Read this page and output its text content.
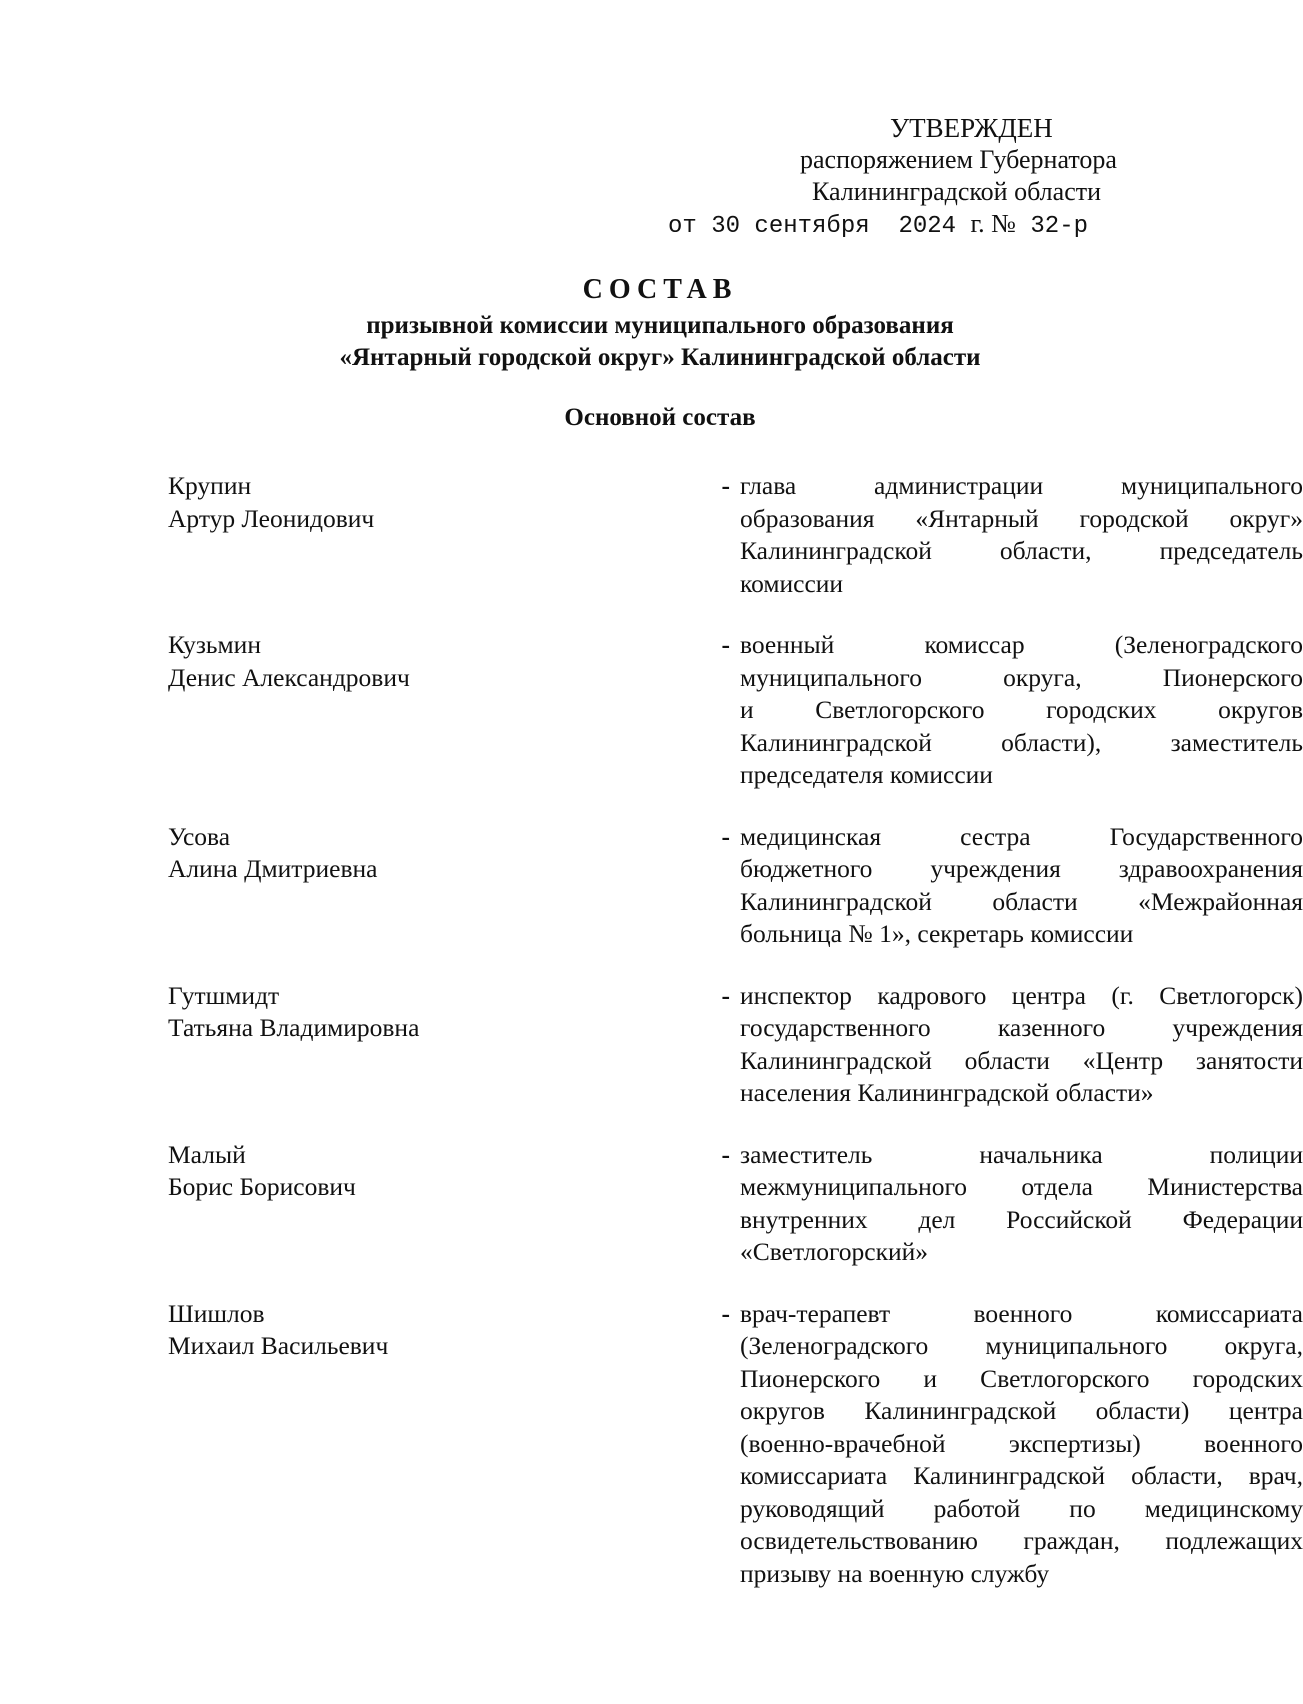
УТВЕРЖДЕН
распоряжением Губернатора
Калининградской области
от 30 сентября  2024 г. № 32-р
СОСТАВ
призывной комиссии муниципального образования
«Янтарный городской округ» Калининградской области
Основной состав
Крупин
Артур Леонидович
- глава администрации муниципального
образования «Янтарный городской округ»
Калининградской области, председатель
комиссии
Кузьмин
Денис Александрович
- военный комиссар (Зеленоградского
муниципального округа, Пионерского
и Светлогорского городских округов
Калининградской области), заместитель
председателя комиссии
Усова
Алина Дмитриевна
- медицинская сестра Государственного
бюджетного учреждения здравоохранения
Калининградской области «Межрайонная
больница № 1», секретарь комиссии
Гутшмидт
Татьяна Владимировна
- инспектор кадрового центра (г. Светлогорск)
государственного казенного учреждения
Калининградской области «Центр занятости
населения Калининградской области»
Малый
Борис Борисович
- заместитель начальника полиции
межмуниципального отдела Министерства
внутренних дел Российской Федерации
«Светлогорский»
Шишлов
Михаил Васильевич
- врач-терапевт военного комиссариата
(Зеленоградского муниципального округа,
Пионерского и Светлогорского городских
округов Калининградской области) центра
(военно-врачебной экспертизы) военного
комиссариата Калининградской области, врач,
руководящий работой по медицинскому
освидетельствованию граждан, подлежащих
призыву на военную службу
